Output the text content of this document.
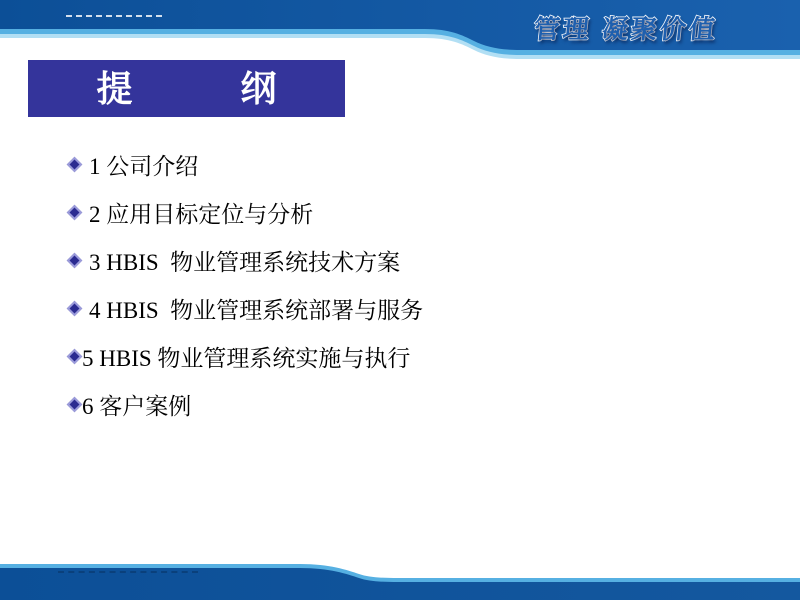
管理 凝聚价值
提　　　纲
1 公司介绍
2 应用目标定位与分析
3 HBIS  物业管理系统技术方案
4 HBIS  物业管理系统部署与服务
5 HBIS 物业管理系统实施与执行
6 客户案例
